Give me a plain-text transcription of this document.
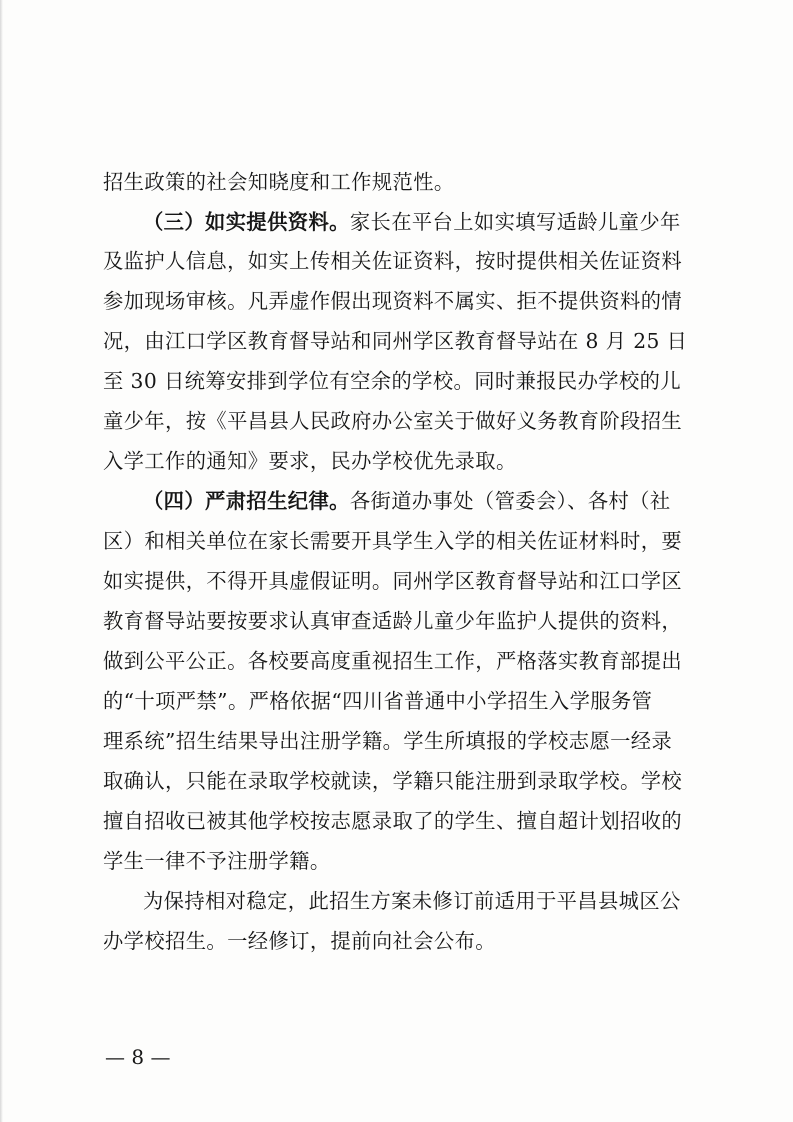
招生政策的社会知晓度和工作规范性。
（三）如实提供资料。家长在平台上如实填写适龄儿童少年
及监护人信息，如实上传相关佐证资料，按时提供相关佐证资料
参加现场审核。凡弄虚作假出现资料不属实、拒不提供资料的情
况，由江口学区教育督导站和同州学区教育督导站在 8 月 25 日
至 30 日统筹安排到学位有空余的学校。同时兼报民办学校的儿
童少年，按《平昌县人民政府办公室关于做好义务教育阶段招生
入学工作的通知》要求，民办学校优先录取。
（四）严肃招生纪律。各街道办事处（管委会）、各村（社
区）和相关单位在家长需要开具学生入学的相关佐证材料时，要
如实提供，不得开具虚假证明。同州学区教育督导站和江口学区
教育督导站要按要求认真审查适龄儿童少年监护人提供的资料，
做到公平公正。各校要高度重视招生工作，严格落实教育部提出
的“十项严禁”。严格依据“四川省普通中小学招生入学服务管
理系统”招生结果导出注册学籍。学生所填报的学校志愿一经录
取确认，只能在录取学校就读，学籍只能注册到录取学校。学校
擅自招收已被其他学校按志愿录取了的学生、擅自超计划招收的
学生一律不予注册学籍。
为保持相对稳定，此招生方案未修订前适用于平昌县城区公
办学校招生。一经修订，提前向社会公布。
— 8 —
